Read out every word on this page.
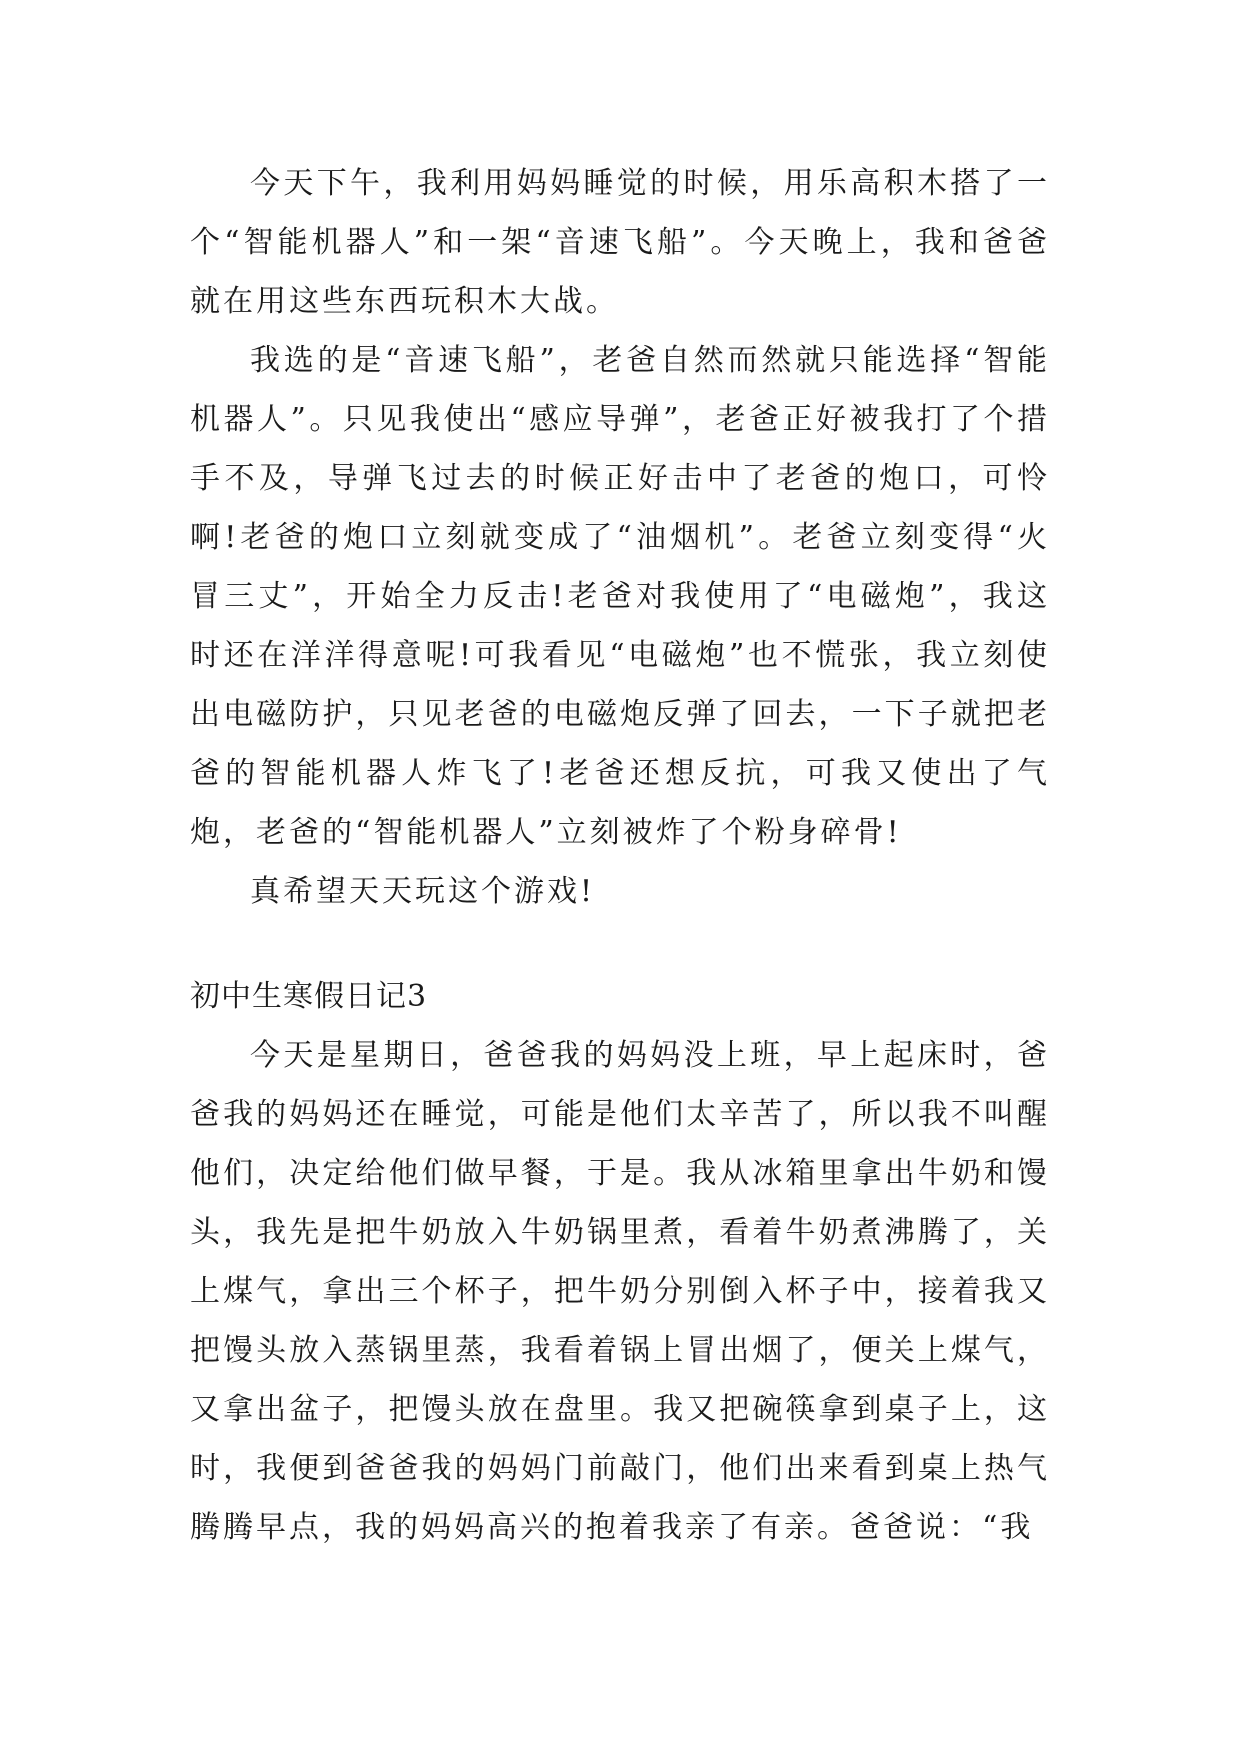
今天下午，我利用妈妈睡觉的时候，用乐高积木搭了一个“智能机器人”和一架“音速飞船”。今天晚上，我和爸爸就在用这些东西玩积木大战。

我选的是“音速飞船”，老爸自然而然就只能选择“智能机器人”。只见我使出“感应导弹”，老爸正好被我打了个措手不及，导弹飞过去的时候正好击中了老爸的炮口，可怜啊!老爸的炮口立刻就变成了“油烟机”。老爸立刻变得“火冒三丈”，开始全力反击!老爸对我使用了“电磁炮”，我这时还在洋洋得意呢!可我看见“电磁炮”也不慌张，我立刻使出电磁防护，只见老爸的电磁炮反弹了回去，一下子就把老爸的智能机器人炸飞了!老爸还想反抗，可我又使出了气炮，老爸的“智能机器人”立刻被炸了个粉身碎骨!

真希望天天玩这个游戏!

初中生寒假日记3

今天是星期日，爸爸我的妈妈没上班，早上起床时，爸爸我的妈妈还在睡觉，可能是他们太辛苦了，所以我不叫醒他们，决定给他们做早餐，于是。我从冰箱里拿出牛奶和馒头，我先是把牛奶放入牛奶锅里煮，看着牛奶煮沸腾了，关上煤气，拿出三个杯子，把牛奶分别倒入杯子中，接着我又把馒头放入蒸锅里蒸，我看着锅上冒出烟了，便关上煤气，又拿出盆子，把馒头放在盘里。我又把碗筷拿到桌子上，这时，我便到爸爸我的妈妈门前敲门，他们出来看到桌上热气腾腾早点，我的妈妈高兴的抱着我亲了有亲。爸爸说：“我
